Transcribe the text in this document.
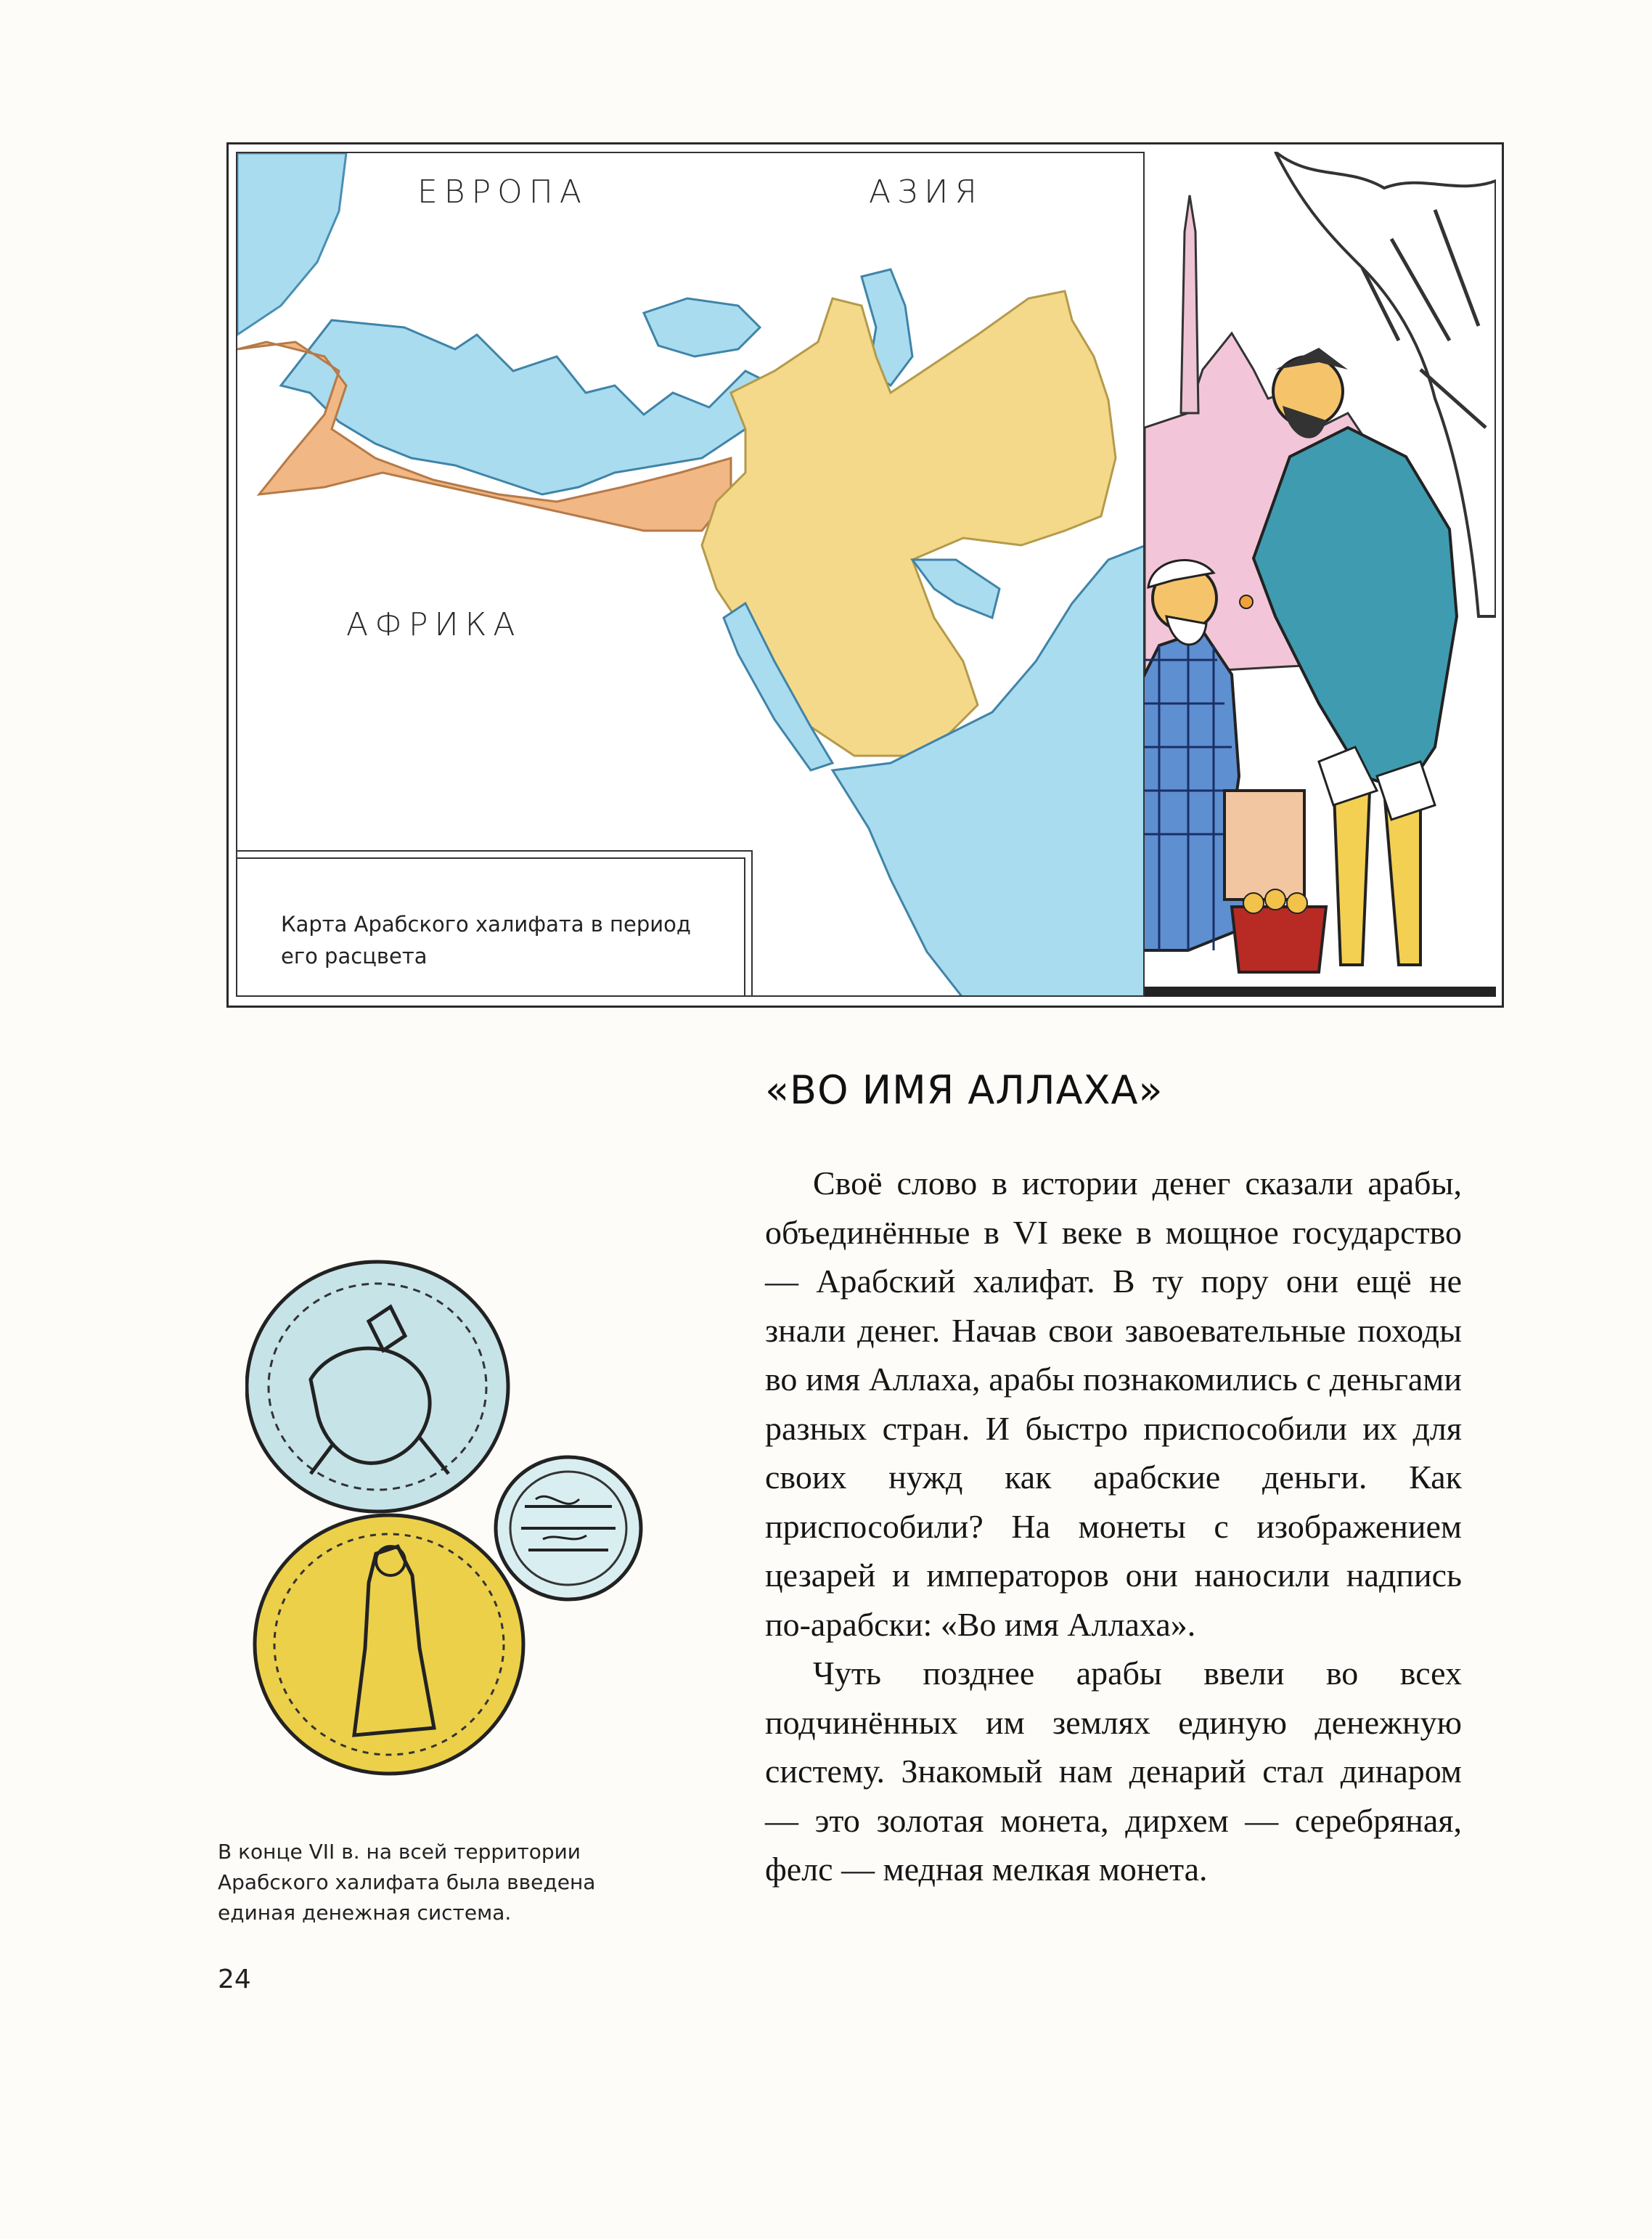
ЕВРОПА	АЗИЯ
АФРИКА
Карта Арабского халифата в период его расцвета
«ВО ИМЯ АЛЛАХА»

Своё слово в истории денег сказали арабы, объединённые в VI веке в мощное государство — Арабский халифат. В ту пору они ещё не знали денег. Начав свои завоевательные походы во имя Аллаха, арабы познакомились с деньгами разных стран. И быстро приспособили их для своих нужд как арабские деньги. Как приспособили? На монеты с изображением цезарей и императоров они наносили надпись по-арабски: «Во имя Аллаха».

Чуть позднее арабы ввели во всех подчинённых им землях единую денежную систему. Знакомый нам денарий стал динаром — это золотая монета, дирхем — серебряная, фелс — медная мелкая монета.

В конце VII в. на всей территории Арабского халифата была введена единая денежная система.
24
